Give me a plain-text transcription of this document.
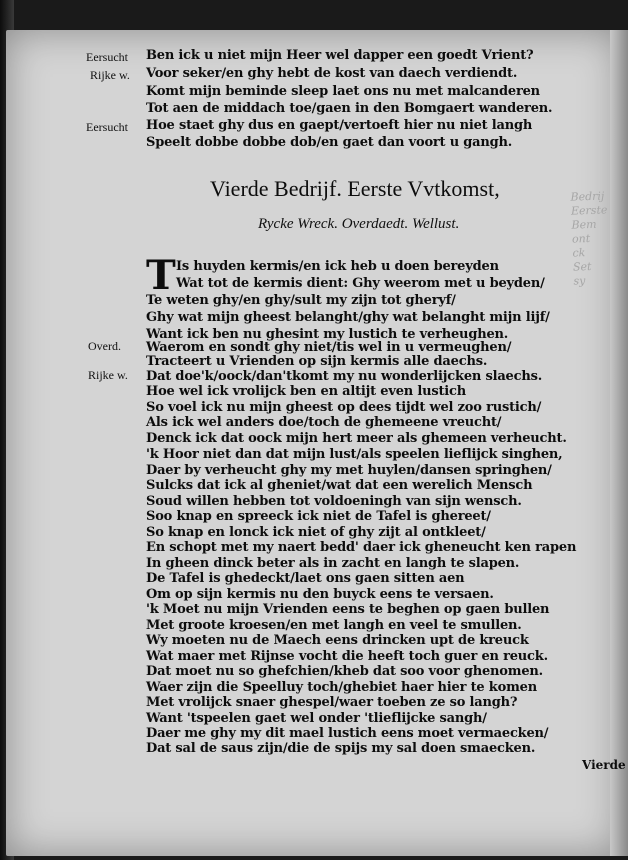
Bedrij
Eerste
Bem
ont
ck
Set
sy
Eersucht
Rijke w.
Eersucht
Overd.
Rijke w.
Ben ick u niet mijn Heer wel dapper een goedt Vrient?
Voor seker/en ghy hebt de kost van daech verdiendt.
Komt mijn beminde sleep laet ons nu met malcanderen
Tot aen de middach toe/gaen in den Bomgaert wanderen.
Hoe staet ghy dus en gaept/vertoeft hier nu niet langh
Speelt dobbe dobbe dob/en gaet dan voort u gangh.
Vierde Bedrijf. Eerste Vvtkomst,
Rycke Wreck. Overdaedt. Wellust.
T Is huyden kermis/en ick heb u doen bereyden
Wat tot de kermis dient: Ghy weerom met u beyden/
Te weten ghy/en ghy/sult my zijn tot gheryf/
Ghy wat mijn gheest belanght/ghy wat belanght mijn lijf/
Want ick ben nu ghesint my lustich te verheughen.
Waerom en sondt ghy niet/tis wel in u vermeughen/
Tracteert u Vrienden op sijn kermis alle daechs.
Dat doe'k/oock/dan'tkomt my nu wonderlijcken slaechs.
Hoe wel ick vrolijck ben en altijt even lustich
So voel ick nu mijn gheest op dees tijdt wel zoo rustich/
Als ick wel anders doe/toch de ghemeene vreucht/
Denck ick dat oock mijn hert meer als ghemeen verheucht.
'k Hoor niet dan dat mijn lust/als speelen lieflijck singhen,
Daer by verheucht ghy my met huylen/dansen springhen/
Sulcks dat ick al gheniet/wat dat een werelich Mensch
Soud willen hebben tot voldoeningh van sijn wensch.
Soo knap en spreeck ick niet de Tafel is ghereet/
So knap en lonck ick niet of ghy zijt al ontkleet/
En schopt met my naert bedd' daer ick gheneucht ken rapen
In gheen dinck beter als in zacht en langh te slapen.
De Tafel is ghedeckt/laet ons gaen sitten aen
Om op sijn kermis nu den buyck eens te versaen.
'k Moet nu mijn Vrienden eens te beghen op gaen bullen
Met groote kroesen/en met langh en veel te smullen.
Wy moeten nu de Maech eens drincken upt de kreuck
Wat maer met Rijnse vocht die heeft toch guer en reuck.
Dat moet nu so ghefchien/kheb dat soo voor ghenomen.
Waer zijn die Speelluy toch/ghebiet haer hier te komen
Met vrolijck snaer ghespel/waer toeben ze so langh?
Want 'tspeelen gaet wel onder 'tlieflijcke sangh/
Daer me ghy my dit mael lustich eens moet vermaecken/
Dat sal de saus zijn/die de spijs my sal doen smaecken.
Vierde
